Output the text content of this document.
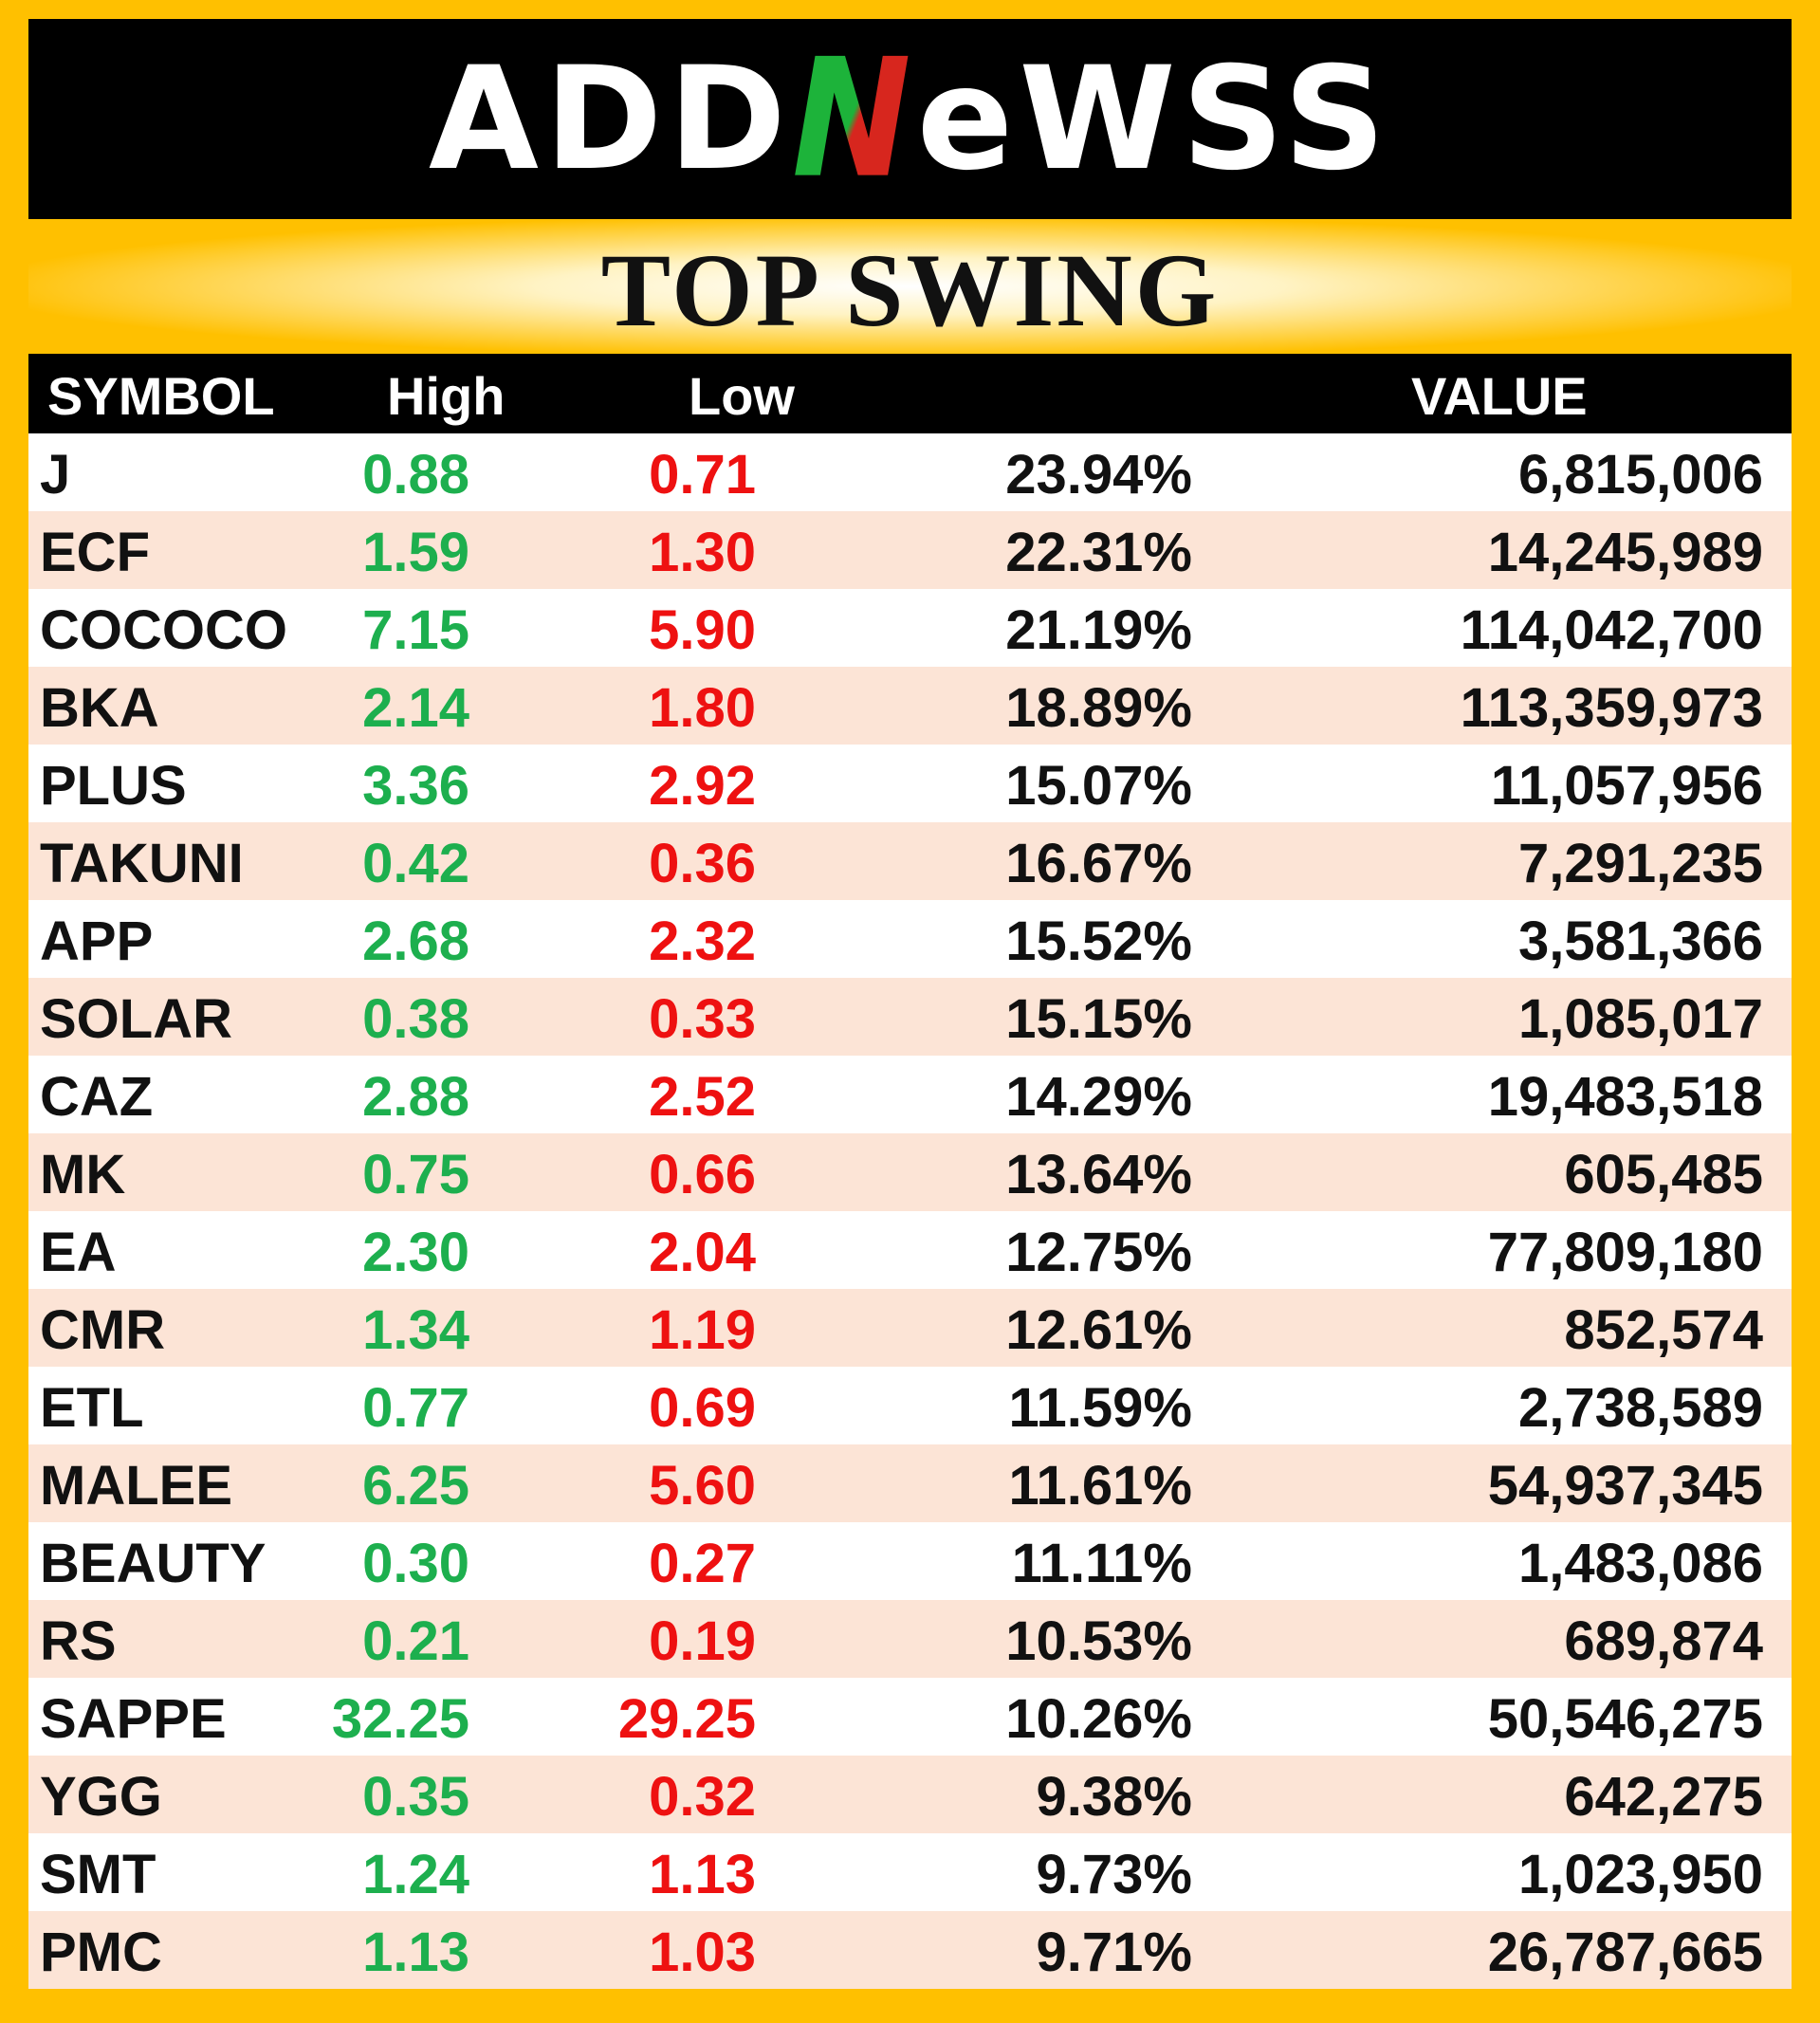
ADD N eWSS
TOP SWING
SYMBOL High	Low	VALUE
J	0.88	0.71	23.94%	6,815,006
ECF	1.59	1.30	22.31%	14,245,989
COCOCO 7.15	5.90	21.19%	114,042,700
BKA	2.14	1.80	18.89%	113,359,973
PLUS	3.36	2.92	15.07%	11,057,956
TAKUNI 0.42	0.36	16.67%	7,291,235
APP	2.68	2.32	15.52%	3,581,366
SOLAR 0.38	0.33	15.15%	1,085,017
CAZ	2.88	2.52	14.29%	19,483,518
MK	0.75	0.66	13.64%	605,485
EA	2.30	2.04	12.75%	77,809,180
CMR	1.34	1.19	12.61%	852,574
ETL	0.77	0.69	11.59%	2,738,589
MALEE 6.25	5.60	11.61%	54,937,345
BEAUTY 0.30	0.27	11.11%	1,483,086
RS	0.21	0.19	10.53%	689,874
SAPPE 32.25	29.25	10.26%	50,546,275
YGG	0.35	0.32	9.38%	642,275
SMT	1.24	1.13	9.73%	1,023,950
PMC	1.13	1.03	9.71%	26,787,665
